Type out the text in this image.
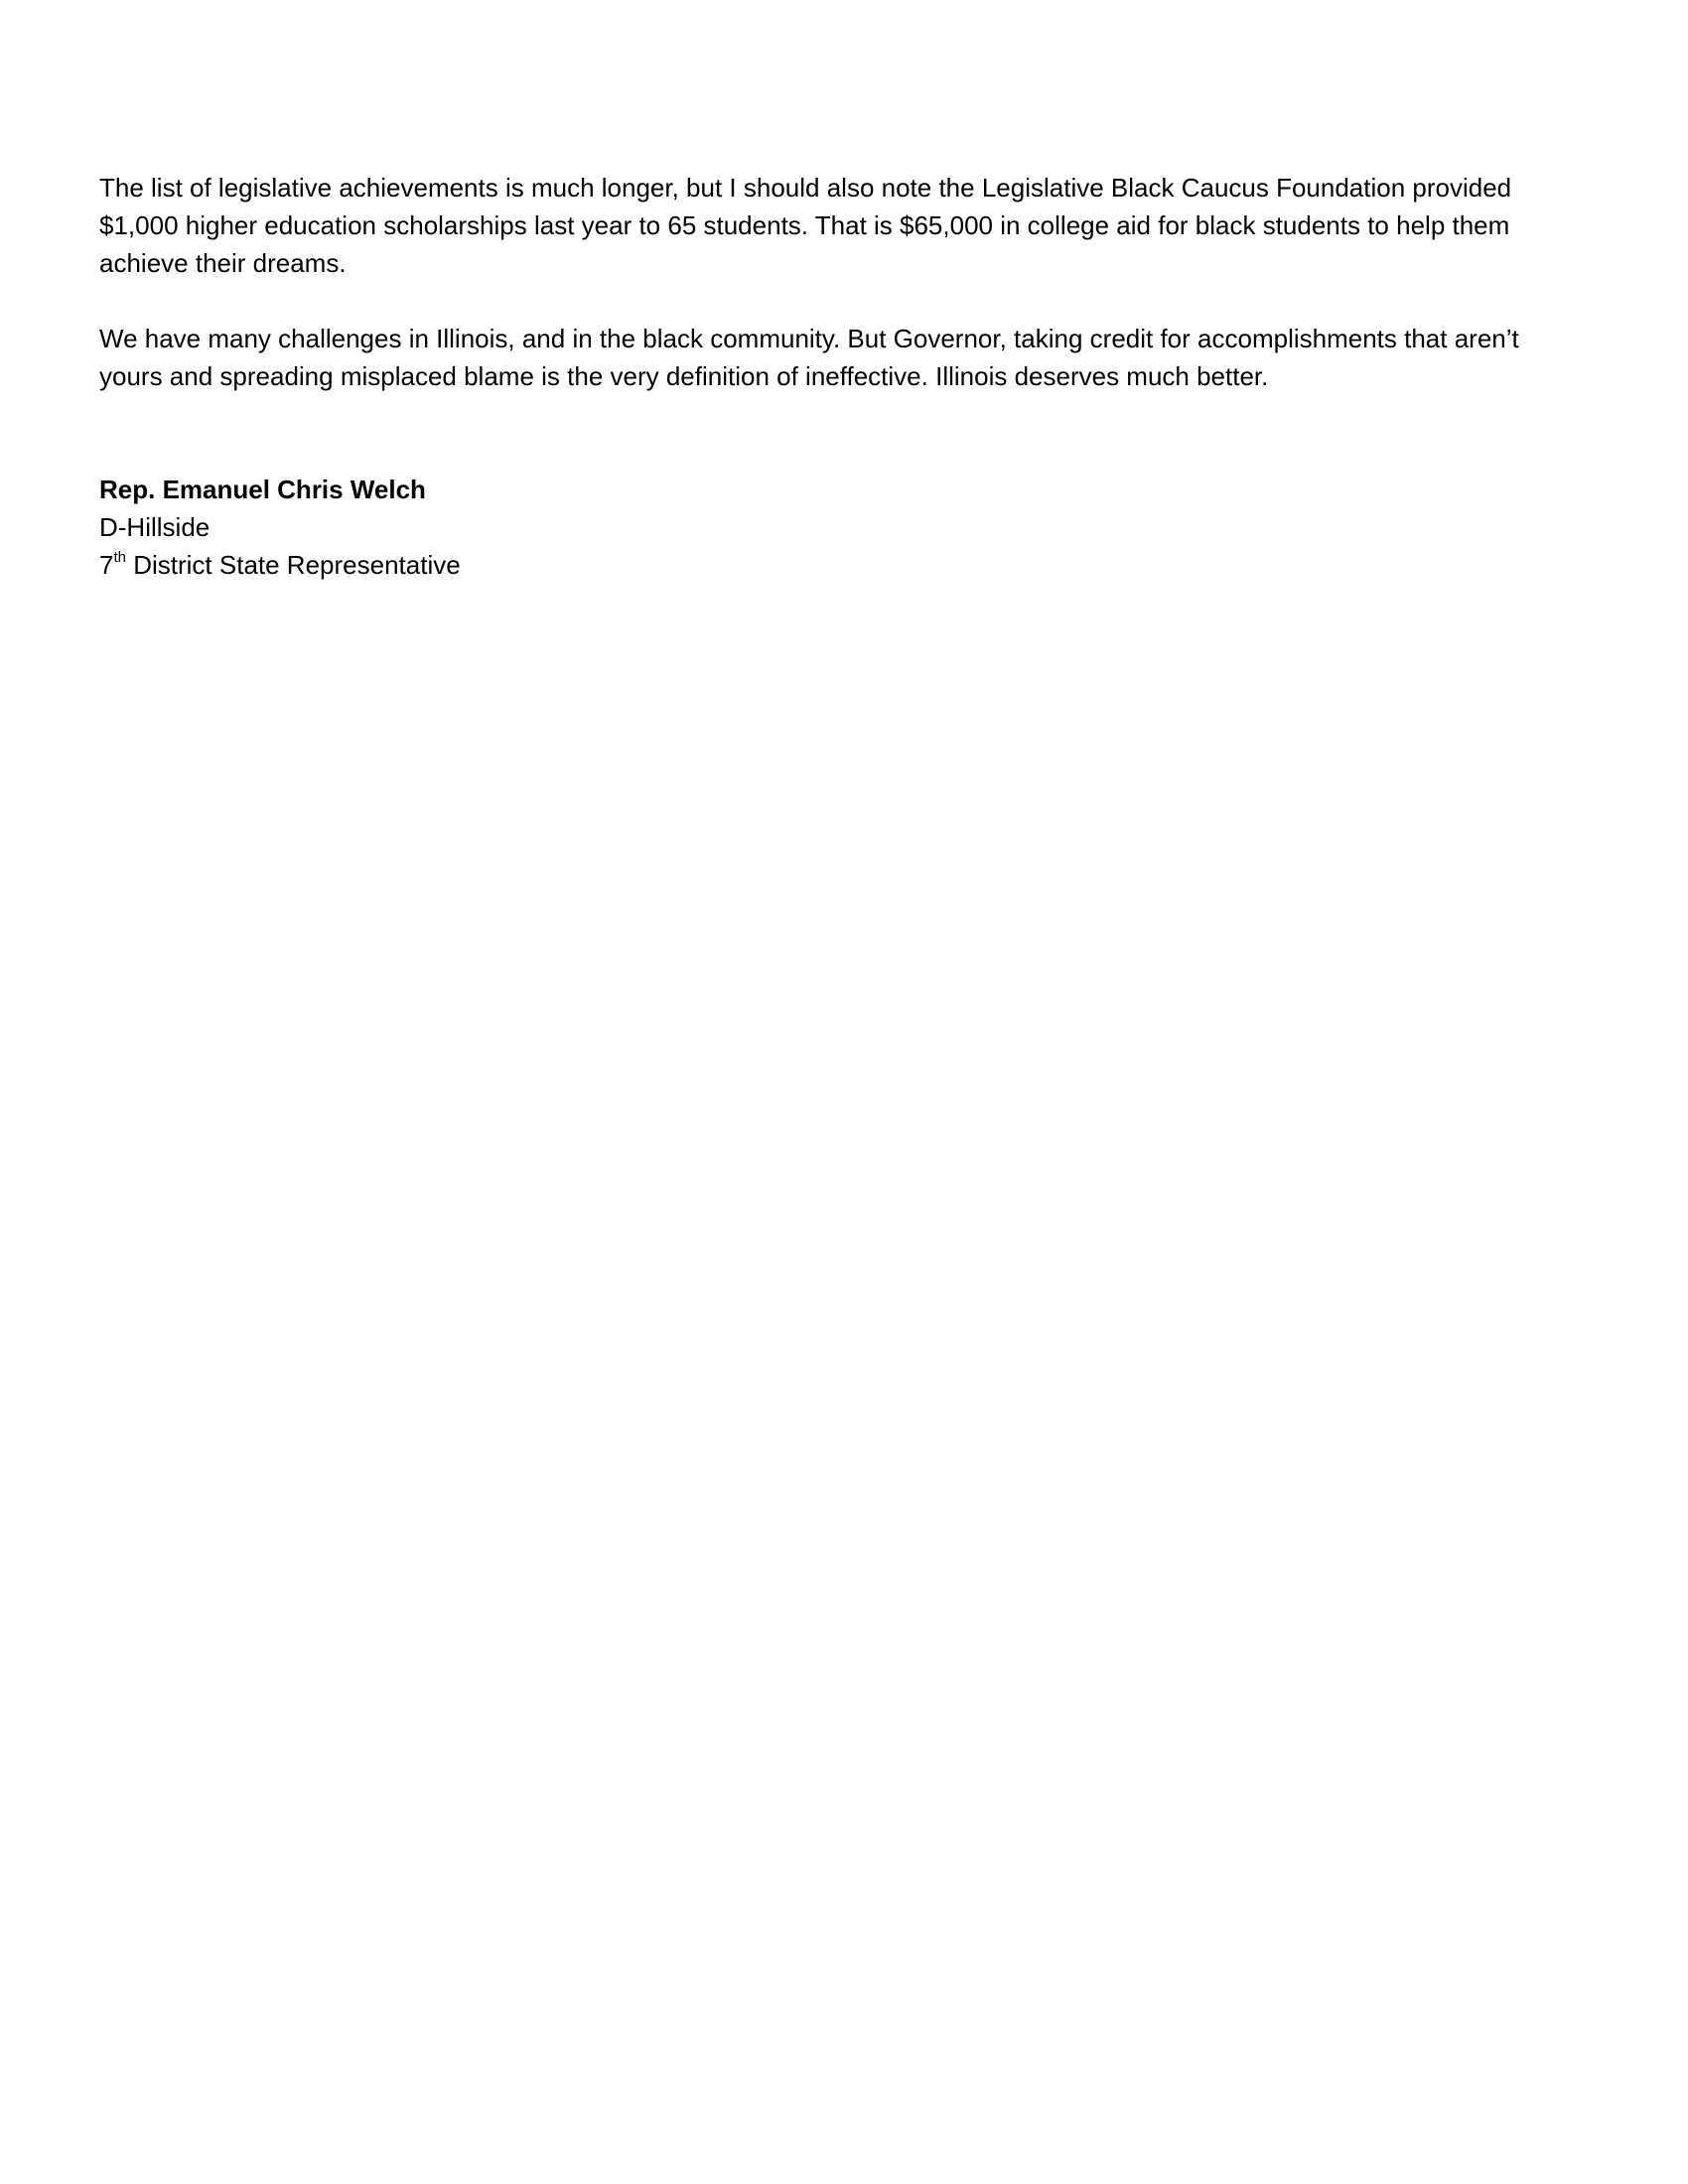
The list of legislative achievements is much longer, but I should also note the Legislative Black Caucus Foundation provided $1,000 higher education scholarships last year to 65 students. That is $65,000 in college aid for black students to help them achieve their dreams.

We have many challenges in Illinois, and in the black community. But Governor, taking credit for accomplishments that aren’t yours and spreading misplaced blame is the very definition of ineffective. Illinois deserves much better.

Rep. Emanuel Chris Welch
D-Hillside
7th District State Representative
